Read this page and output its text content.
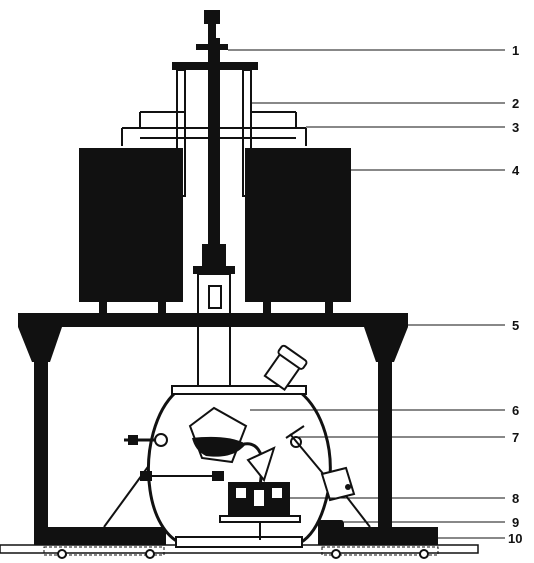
1
2
3
4
5
6
7
8
9
10
